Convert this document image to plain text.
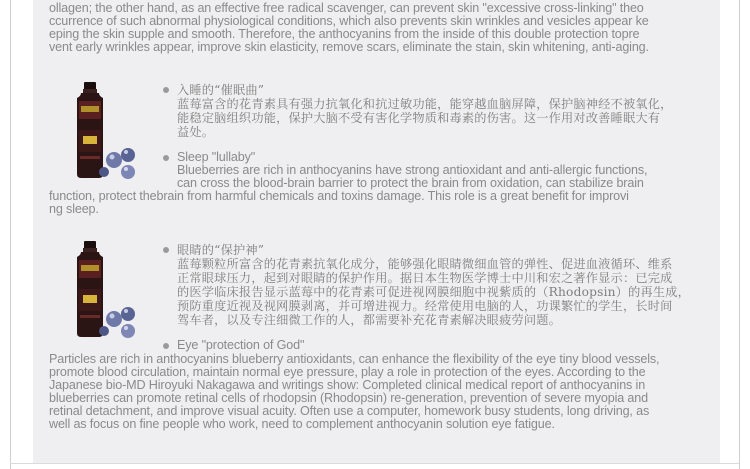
ollagen; the other hand, as an effective free radical scavenger, can prevent skin "excessive cross-linking" theo
ccurrence of such abnormal physiological conditions, which also prevents skin wrinkles and vesicles appear ke
eping the skin supple and smooth. Therefore, the anthocyanins from the inside of this double protection topre
vent early wrinkles appear, improve skin elasticity, remove scars, eliminate the stain, skin whitening, anti-aging.
入睡的“催眠曲”
蓝莓富含的花青素具有强力抗氧化和抗过敏功能，能穿越血脑屏障，保护脑神经不被氧化，
能稳定脑组织功能，保护大脑不受有害化学物质和毒素的伤害。这一作用对改善睡眠大有
益处。
Sleep "lullaby"
Blueberries are rich in anthocyanins have strong antioxidant and anti-allergic functions,
can cross the blood-brain barrier to protect the brain from oxidation, can stabilize brain
function, protect thebrain from harmful chemicals and toxins damage. This role is a great benefit for improvi
ng sleep.
眼睛的“保护神”
蓝莓颗粒所富含的花青素抗氧化成分，能够强化眼睛微细血管的弹性、促进血液循环、维系
正常眼球压力，起到对眼睛的保护作用。据日本生物医学博士中川和宏之著作显示：已完成
的医学临床报告显示蓝莓中的花青素可促进视网膜细胞中视紫质的（Rhodopsin）的再生成，
预防重度近视及视网膜剥离，并可增进视力。经常使用电脑的人，功课繁忙的学生，长时间
驾车者，以及专注细微工作的人，都需要补充花青素解决眼疲劳问题。
Eye "protection of God"
Particles are rich in anthocyanins blueberry antioxidants, can enhance the flexibility of the eye tiny blood vessels,
promote blood circulation, maintain normal eye pressure, play a role in protection of the eyes. According to the
Japanese bio-MD Hiroyuki Nakagawa and writings show: Completed clinical medical report of anthocyanins in
blueberries can promote retinal cells of rhodopsin (Rhodopsin) re-generation, prevention of severe myopia and
retinal detachment, and improve visual acuity. Often use a computer, homework busy students, long driving, as
well as focus on fine people who work, need to complement anthocyanin solution eye fatigue.
